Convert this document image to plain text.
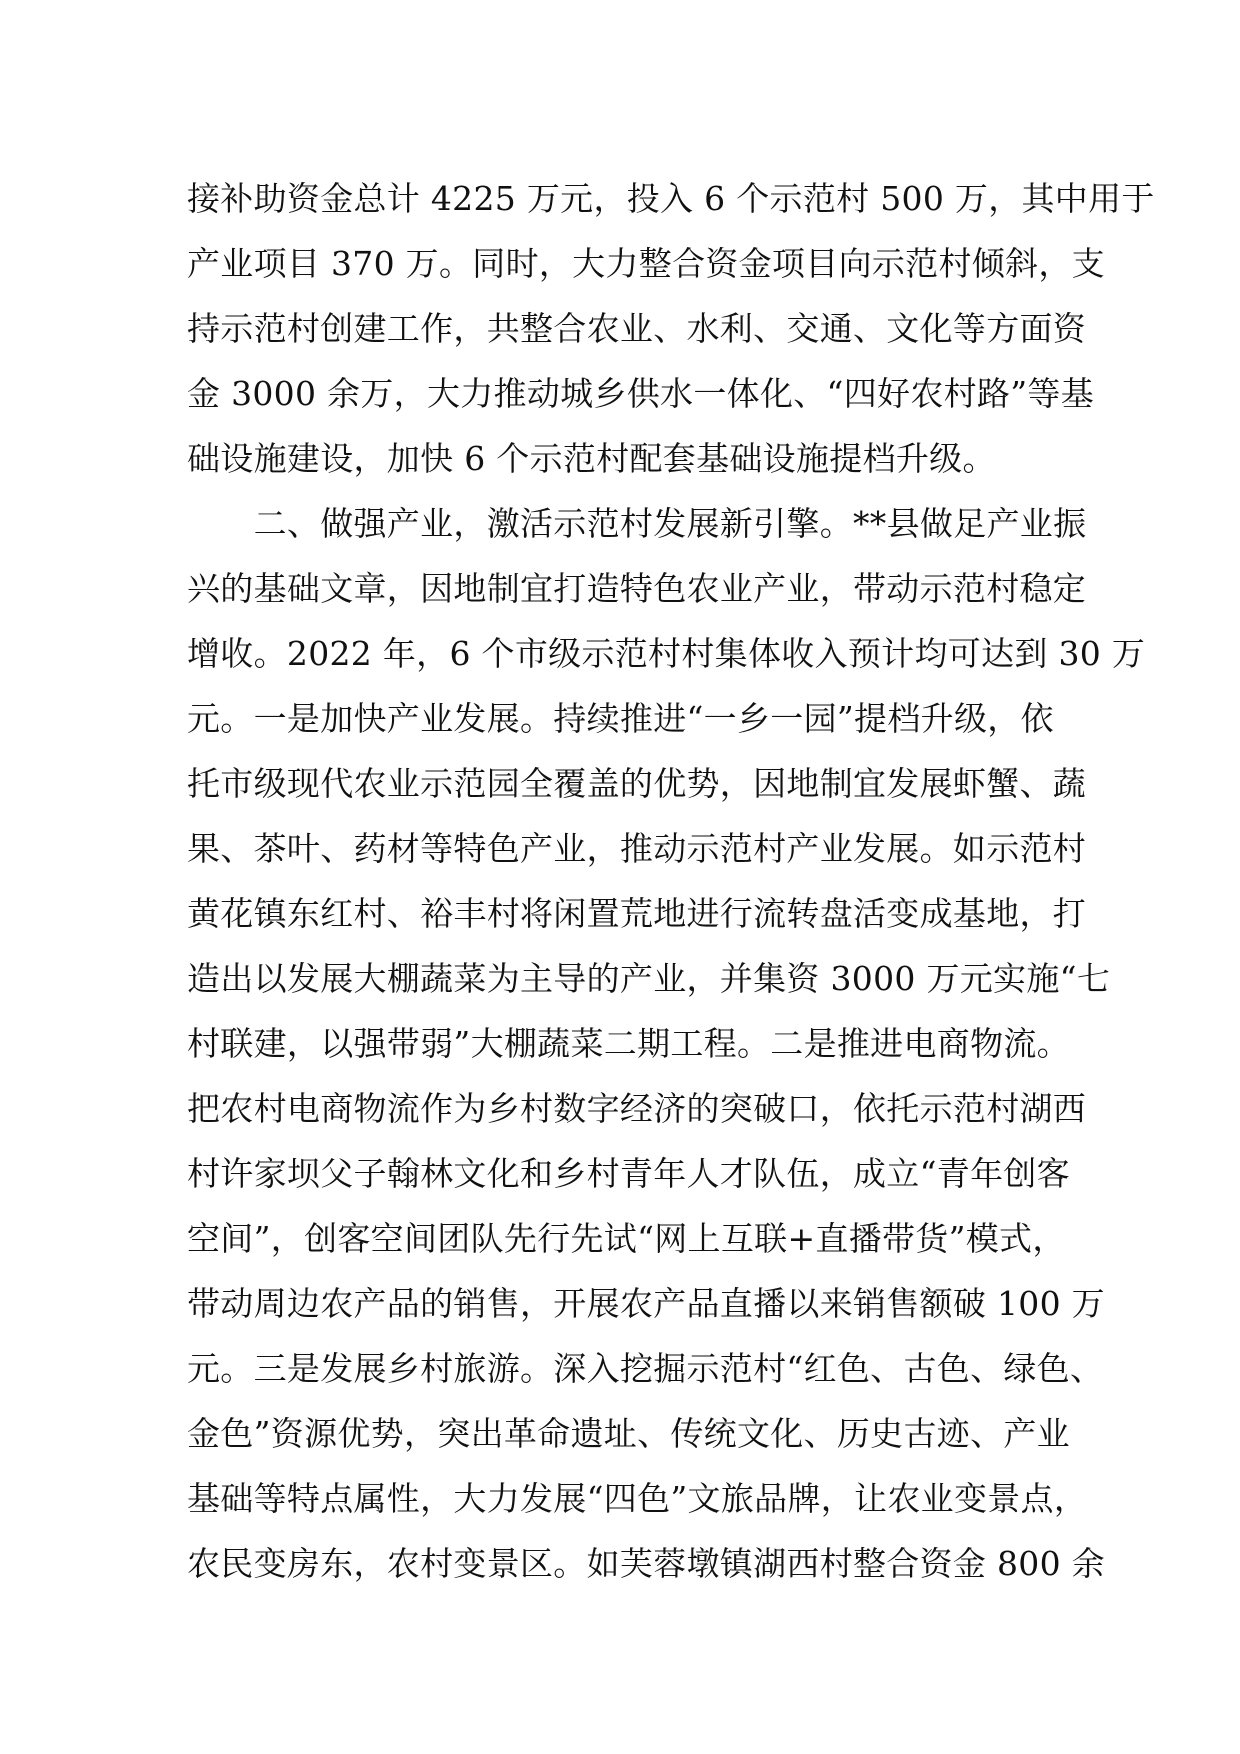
接补助资金总计 4225 万元，投入 6 个示范村 500 万，其中用于
产业项目 370 万。同时，大力整合资金项目向示范村倾斜，支
持示范村创建工作，共整合农业、水利、交通、文化等方面资
金 3000 余万，大力推动城乡供水一体化、“四好农村路”等基
础设施建设，加快 6 个示范村配套基础设施提档升级。
　　二、做强产业，激活示范村发展新引擎。**县做足产业振
兴的基础文章，因地制宜打造特色农业产业，带动示范村稳定
增收。2022 年，6 个市级示范村村集体收入预计均可达到 30 万
元。一是加快产业发展。持续推进“一乡一园”提档升级，依
托市级现代农业示范园全覆盖的优势，因地制宜发展虾蟹、蔬
果、茶叶、药材等特色产业，推动示范村产业发展。如示范村
黄花镇东红村、裕丰村将闲置荒地进行流转盘活变成基地，打
造出以发展大棚蔬菜为主导的产业，并集资 3000 万元实施“七
村联建，以强带弱”大棚蔬菜二期工程。二是推进电商物流。
把农村电商物流作为乡村数字经济的突破口，依托示范村湖西
村许家坝父子翰林文化和乡村青年人才队伍，成立“青年创客
空间”，创客空间团队先行先试“网上互联+直播带货”模式，
带动周边农产品的销售，开展农产品直播以来销售额破 100 万
元。三是发展乡村旅游。深入挖掘示范村“红色、古色、绿色、
金色”资源优势，突出革命遗址、传统文化、历史古迹、产业
基础等特点属性，大力发展“四色”文旅品牌，让农业变景点，
农民变房东，农村变景区。如芙蓉墩镇湖西村整合资金 800 余
